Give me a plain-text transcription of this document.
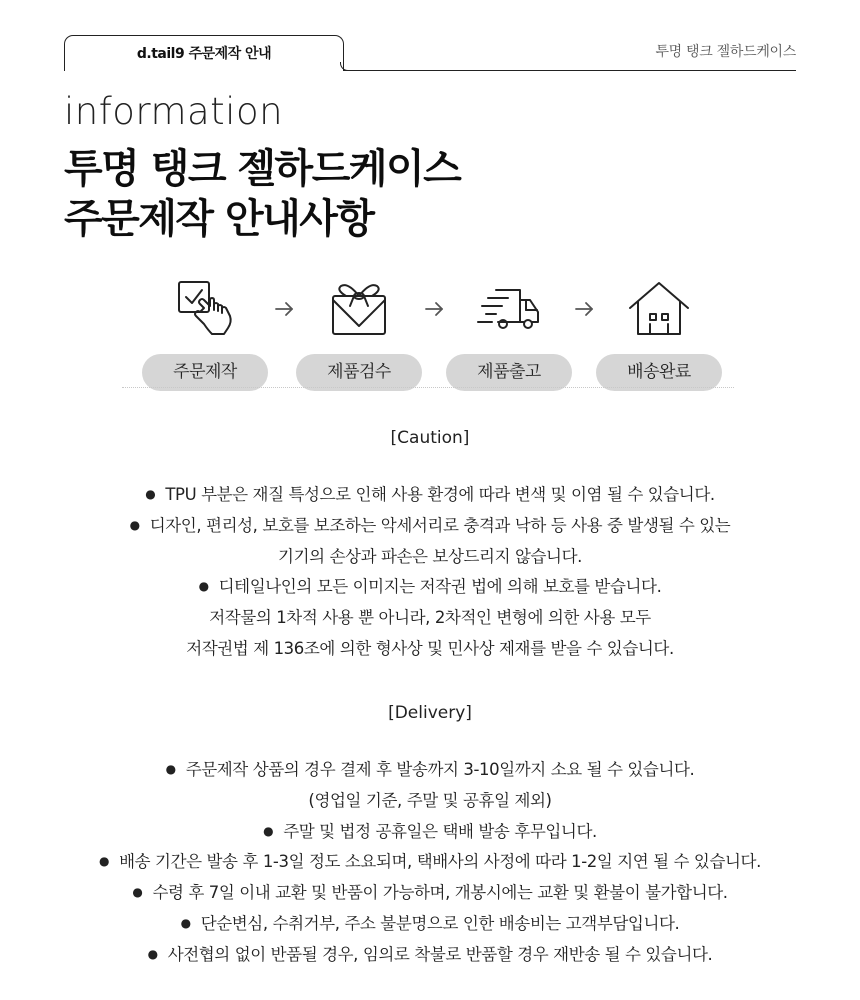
d.tail9 주문제작 안내	투명 탱크 젤하드케이스
information
투명 탱크 젤하드케이스
주문제작 안내사항
주문제작	제품검수	제품출고	배송완료
[Caution]
● TPU 부분은 재질 특성으로 인해 사용 환경에 따라 변색 및 이염 될 수 있습니다.
● 디자인, 편리성, 보호를 보조하는 악세서리로 충격과 낙하 등 사용 중 발생될 수 있는
기기의 손상과 파손은 보상드리지 않습니다.
● 디테일나인의 모든 이미지는 저작권 법에 의해 보호를 받습니다.
저작물의 1차적 사용 뿐 아니라, 2차적인 변형에 의한 사용 모두
저작권법 제 136조에 의한 형사상 및 민사상 제재를 받을 수 있습니다.
[Delivery]
● 주문제작 상품의 경우 결제 후 발송까지 3-10일까지 소요 될 수 있습니다.
(영업일 기준, 주말 및 공휴일 제외)
● 주말 및 법정 공휴일은 택배 발송 후무입니다.
● 배송 기간은 발송 후 1-3일 정도 소요되며, 택배사의 사정에 따라 1-2일 지연 될 수 있습니다.
● 수령 후 7일 이내 교환 및 반품이 가능하며, 개봉시에는 교환 및 환불이 불가합니다.
● 단순변심, 수취거부, 주소 불분명으로 인한 배송비는 고객부담입니다.
● 사전협의 없이 반품될 경우, 임의로 착불로 반품할 경우 재반송 될 수 있습니다.
